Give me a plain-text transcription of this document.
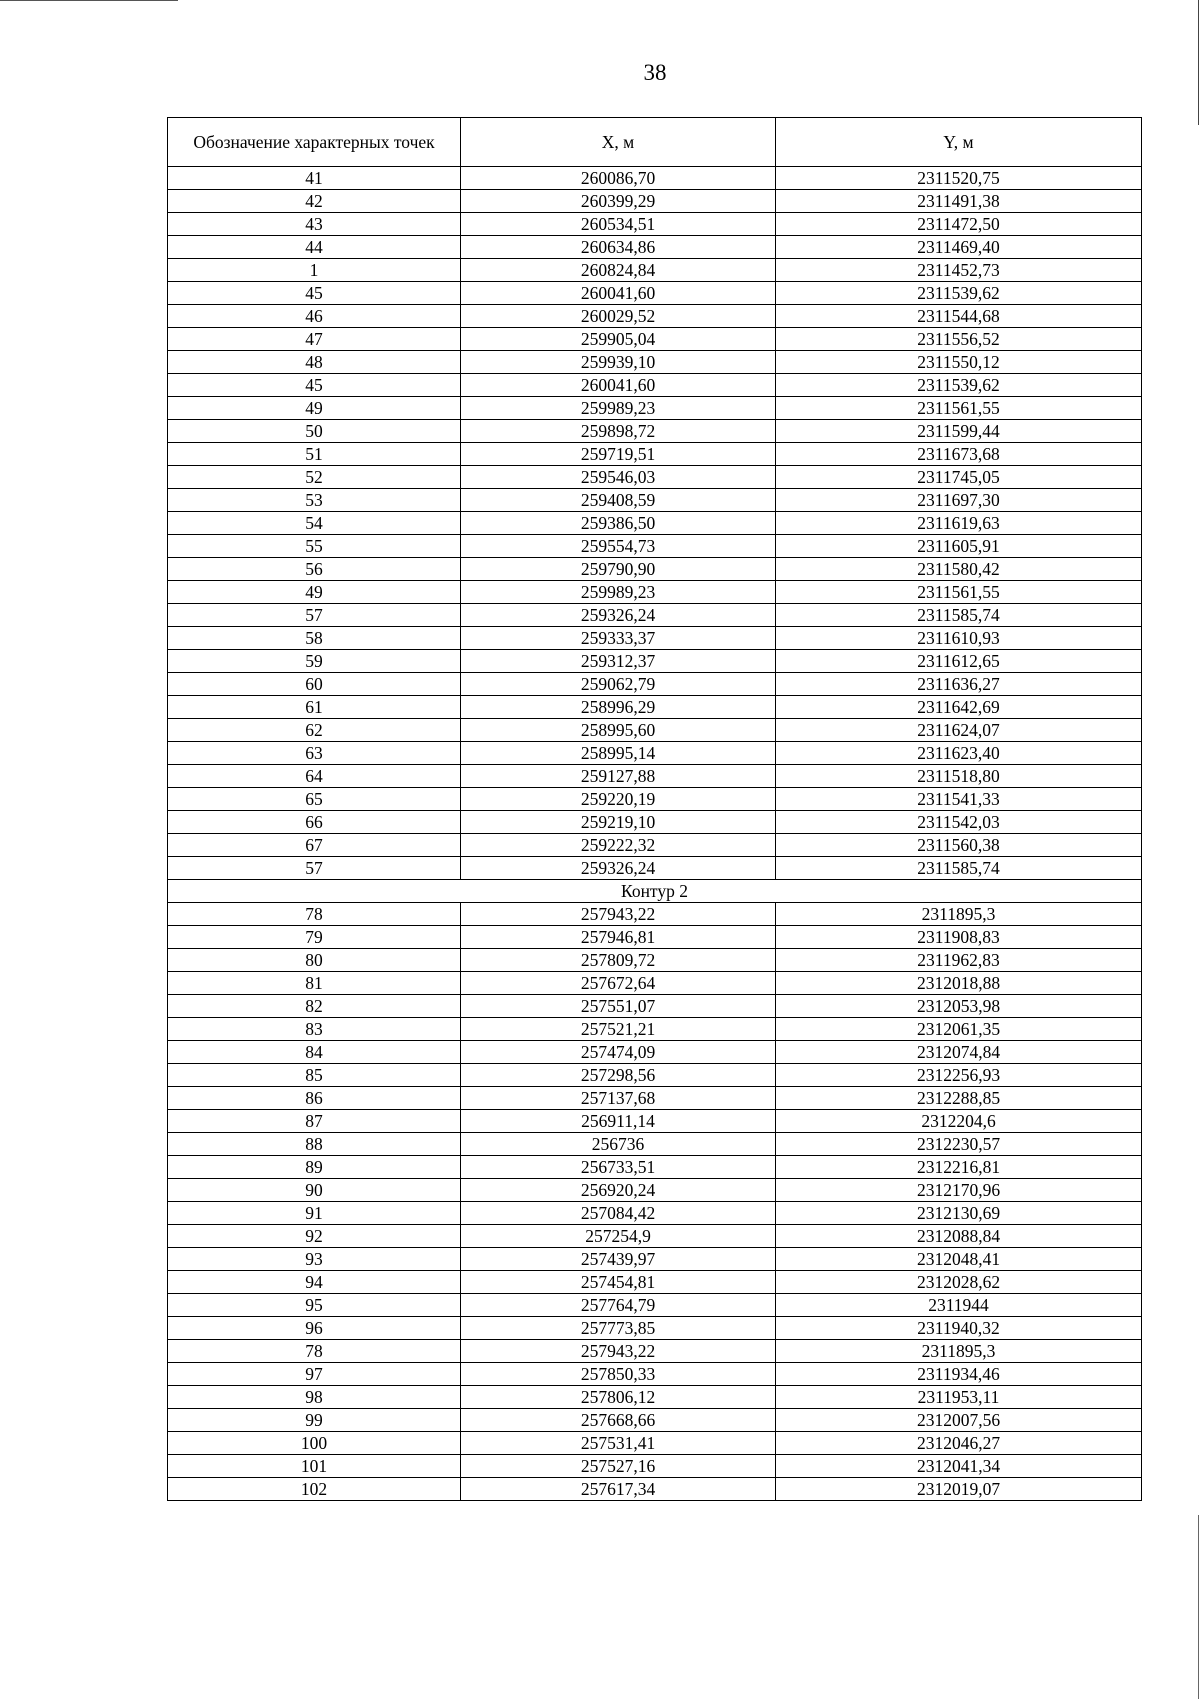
38
Обозначение характерных точек	X, м	Y, м
41	260086,70	2311520,75
42	260399,29	2311491,38
43	260534,51	2311472,50
44	260634,86	2311469,40
1	260824,84	2311452,73
45	260041,60	2311539,62
46	260029,52	2311544,68
47	259905,04	2311556,52
48	259939,10	2311550,12
45	260041,60	2311539,62
49	259989,23	2311561,55
50	259898,72	2311599,44
51	259719,51	2311673,68
52	259546,03	2311745,05
53	259408,59	2311697,30
54	259386,50	2311619,63
55	259554,73	2311605,91
56	259790,90	2311580,42
49	259989,23	2311561,55
57	259326,24	2311585,74
58	259333,37	2311610,93
59	259312,37	2311612,65
60	259062,79	2311636,27
61	258996,29	2311642,69
62	258995,60	2311624,07
63	258995,14	2311623,40
64	259127,88	2311518,80
65	259220,19	2311541,33
66	259219,10	2311542,03
67	259222,32	2311560,38
57	259326,24	2311585,74
Контур 2		
78	257943,22	2311895,3
79	257946,81	2311908,83
80	257809,72	2311962,83
81	257672,64	2312018,88
82	257551,07	2312053,98
83	257521,21	2312061,35
84	257474,09	2312074,84
85	257298,56	2312256,93
86	257137,68	2312288,85
87	256911,14	2312204,6
88	256736	2312230,57
89	256733,51	2312216,81
90	256920,24	2312170,96
91	257084,42	2312130,69
92	257254,9	2312088,84
93	257439,97	2312048,41
94	257454,81	2312028,62
95	257764,79	2311944
96	257773,85	2311940,32
78	257943,22	2311895,3
97	257850,33	2311934,46
98	257806,12	2311953,11
99	257668,66	2312007,56
100	257531,41	2312046,27
101	257527,16	2312041,34
102	257617,34	2312019,07
